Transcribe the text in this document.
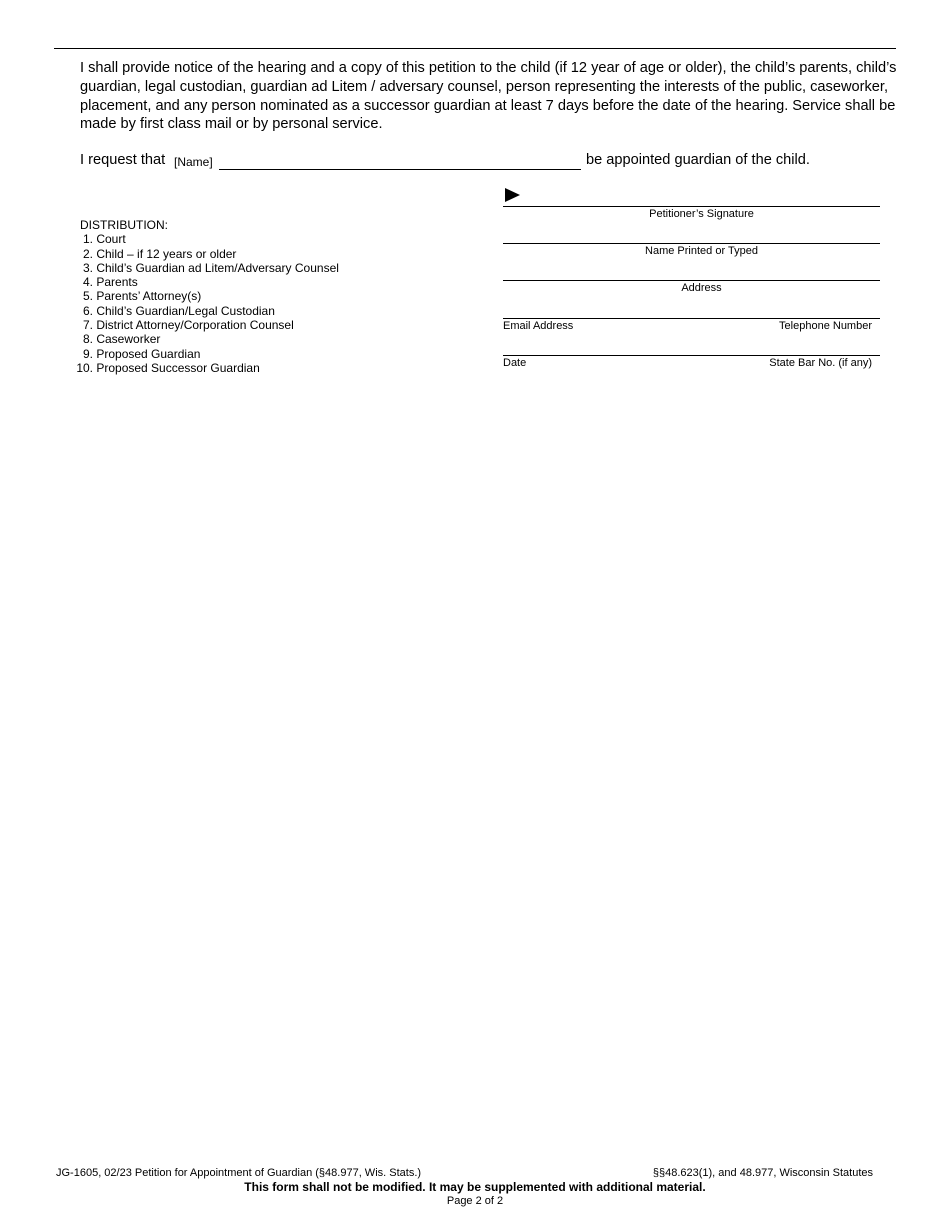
I shall provide notice of the hearing and a copy of this petition to the child (if 12 year of age or older), the child’s parents, child’s guardian, legal custodian, guardian ad Litem / adversary counsel, person representing the interests of the public, caseworker, placement, and any person nominated as a successor guardian at least 7 days before the date of the hearing. Service shall be made by first class mail or by personal service.

I request that [Name]	be appointed guardian of the child.
DISTRIBUTION:
1. Court
2. Child – if 12 years or older
3. Child’s Guardian ad Litem/Adversary Counsel
4. Parents
5. Parents’ Attorney(s)
6. Child’s Guardian/Legal Custodian
7. District Attorney/Corporation Counsel
8. Caseworker
9. Proposed Guardian
10. Proposed Successor Guardian
Petitioner’s Signature
Name Printed or Typed
Address
Email Address	Telephone Number
Date	State Bar No. (if any)
JG-1605, 02/23 Petition for Appointment of Guardian (§48.977, Wis. Stats.)	§§48.623(1), and 48.977, Wisconsin Statutes
This form shall not be modified. It may be supplemented with additional material.
Page 2 of 2
